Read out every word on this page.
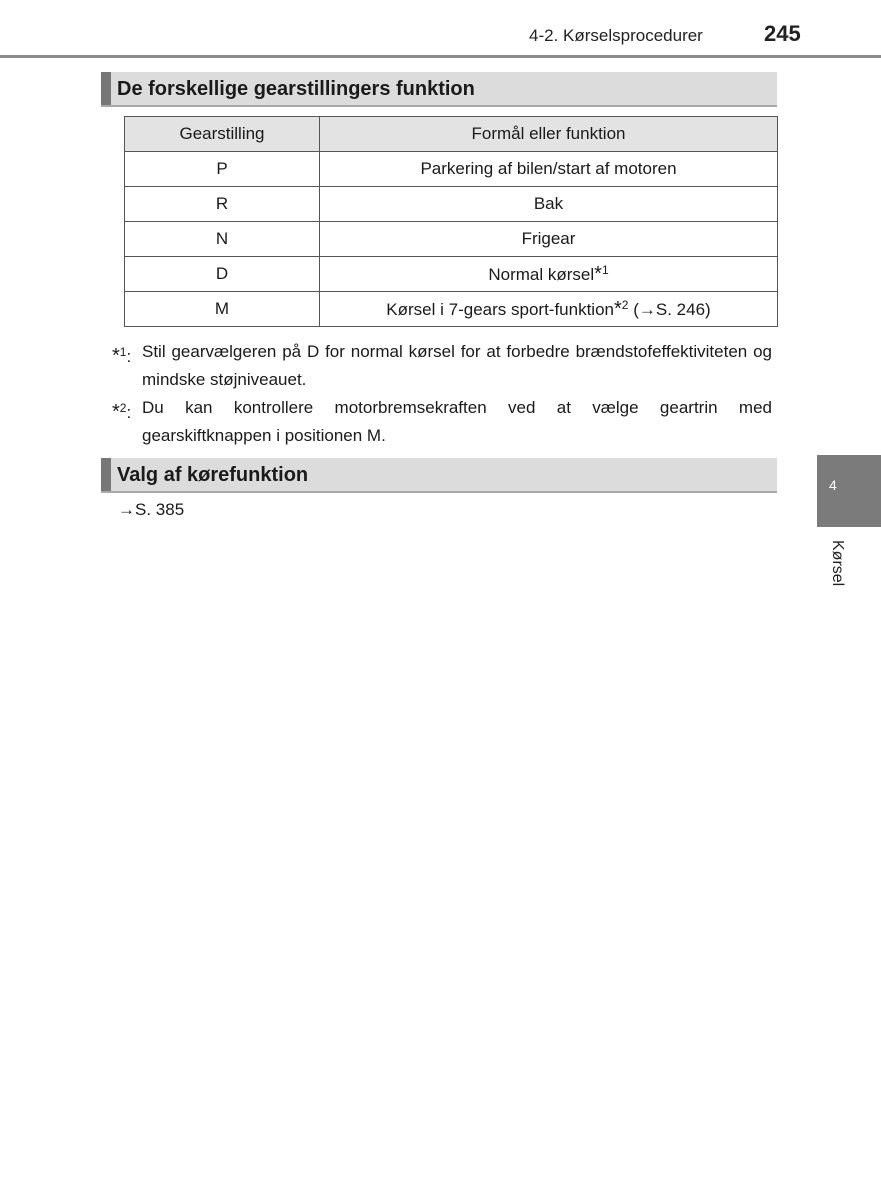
4-2. Kørselsprocedurer	245
De forskellige gearstillingers funktion
Gearstilling	Formål eller funktion
P	Parkering af bilen/start af motoren
R	Bak
N	Frigear
D	Normal kørsel*$^1$
M	Kørsel i 7-gears sport-funktion*$^2$ (→S. 246)
*$^1$: Stil gearvælgeren på D for normal kørsel for at forbedre brændstofeffektiviteten og mindske støjniveauet.
*$^2$: Du kan kontrollere motorbremsekraften ved at vælge geartrin med gearskiftknappen i positionen M.
Valg af kørefunktion
→S. 385
4
Kørsel
